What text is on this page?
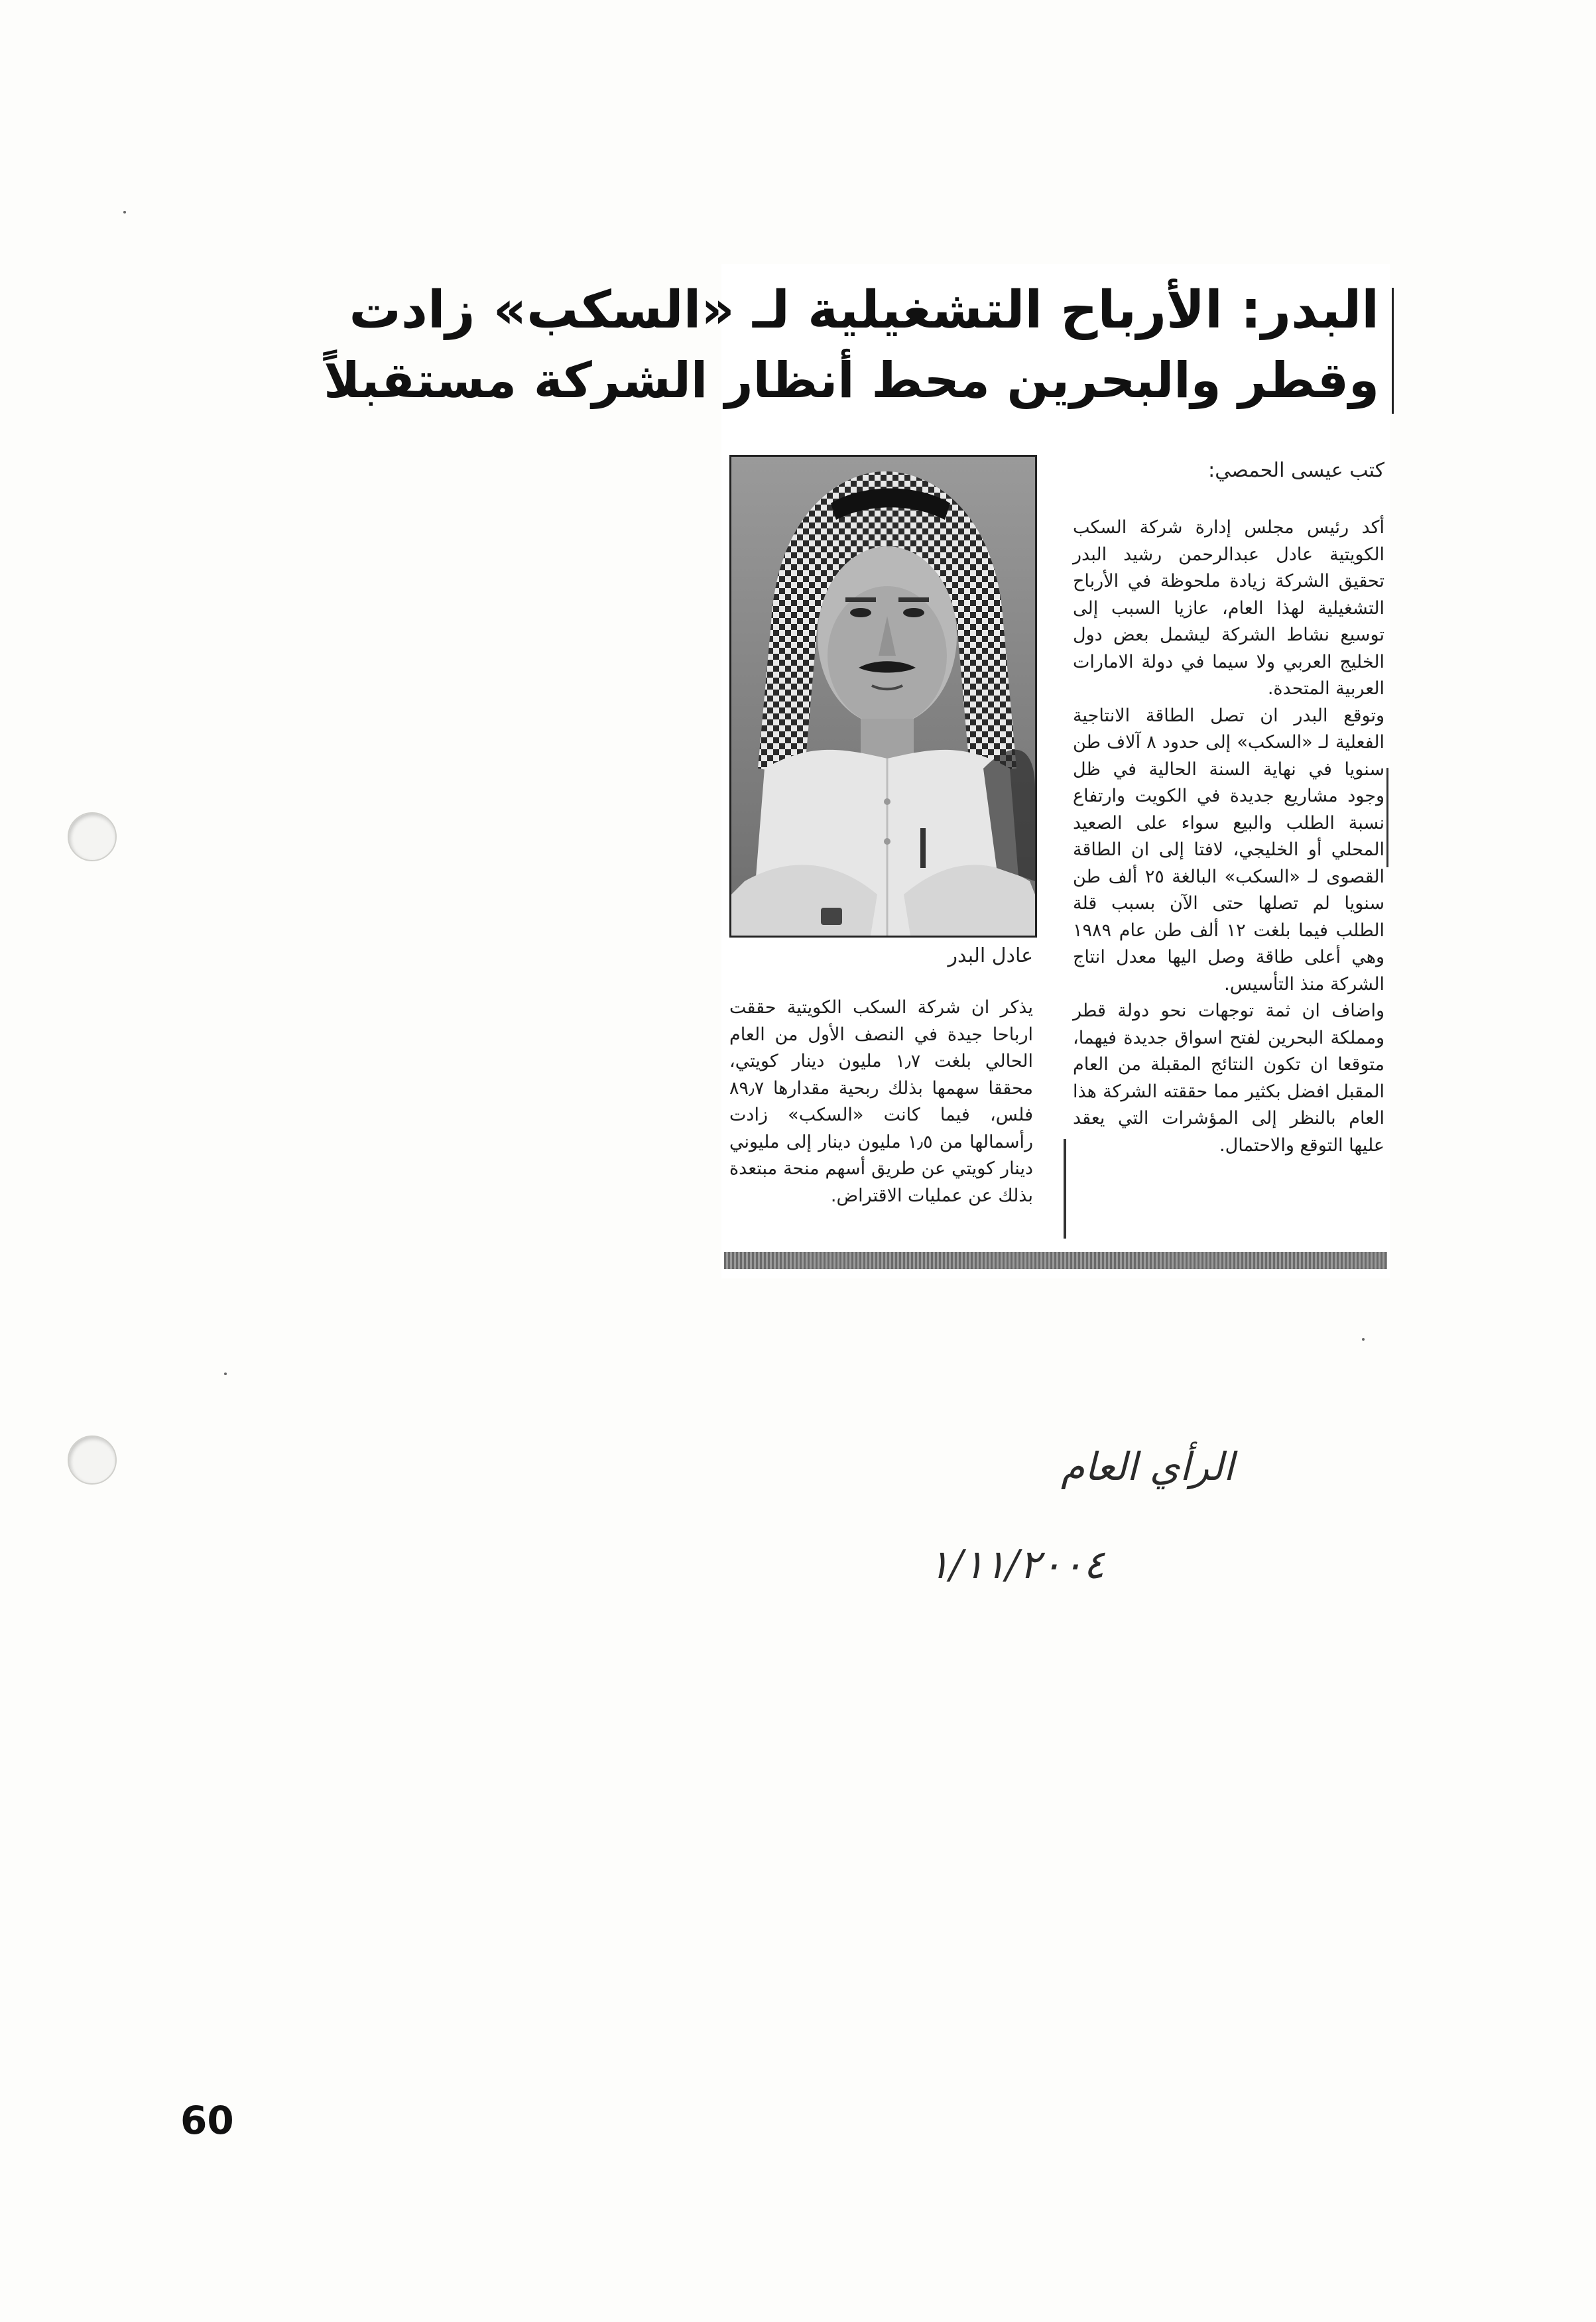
البدر: الأرباح التشغيلية لـ «السكب» زادت
وقطر والبحرين محط أنظار الشركة مستقبلاً
كتب عيسى الحمصي:
عادل البدر

أكد رئيس مجلس إدارة شركة السكب الكويتية عادل عبدالرحمن رشيد البدر تحقيق الشركة زيادة ملحوظة في الأرباح التشغيلية لهذا العام، عازيا السبب إلى توسيع نشاط الشركة ليشمل بعض دول الخليج العربي ولا سيما في دولة الامارات العربية المتحدة.

وتوقع البدر ان تصل الطاقة الانتاجية الفعلية لـ «السكب» إلى حدود ٨ آلاف طن سنويا في نهاية السنة الحالية في ظل وجود مشاريع جديدة في الكويت وارتفاع نسبة الطلب والبيع سواء على الصعيد المحلي أو الخليجي، لافتا إلى ان الطاقة القصوى لـ «السكب» البالغة ٢٥ ألف طن سنويا لم تصلها حتى الآن بسبب قلة الطلب فيما بلغت ١٢ ألف طن عام ١٩٨٩ وهي أعلى طاقة وصل اليها معدل انتاج الشركة منذ التأسيس.

واضاف ان ثمة توجهات نحو دولة قطر ومملكة البحرين لفتح اسواق جديدة فيهما، متوقعا ان تكون النتائج المقبلة من العام المقبل افضل بكثير مما حققته الشركة هذا العام بالنظر إلى المؤشرات التي يعقد عليها التوقع والاحتمال.

يذكر ان شركة السكب الكويتية حققت ارباحا جيدة في النصف الأول من العام الحالي بلغت ١٫٧ مليون دينار كويتي، محققا سهمها بذلك ربحية مقدارها ٨٩٫٧ فلس، فيما كانت «السكب» زادت رأسمالها من ١٫٥ مليون دينار إلى مليوني دينار كويتي عن طريق أسهم منحة مبتعدة بذلك عن عمليات الاقتراض.

الرأي العام
١/١١/٢٠٠٤
60
